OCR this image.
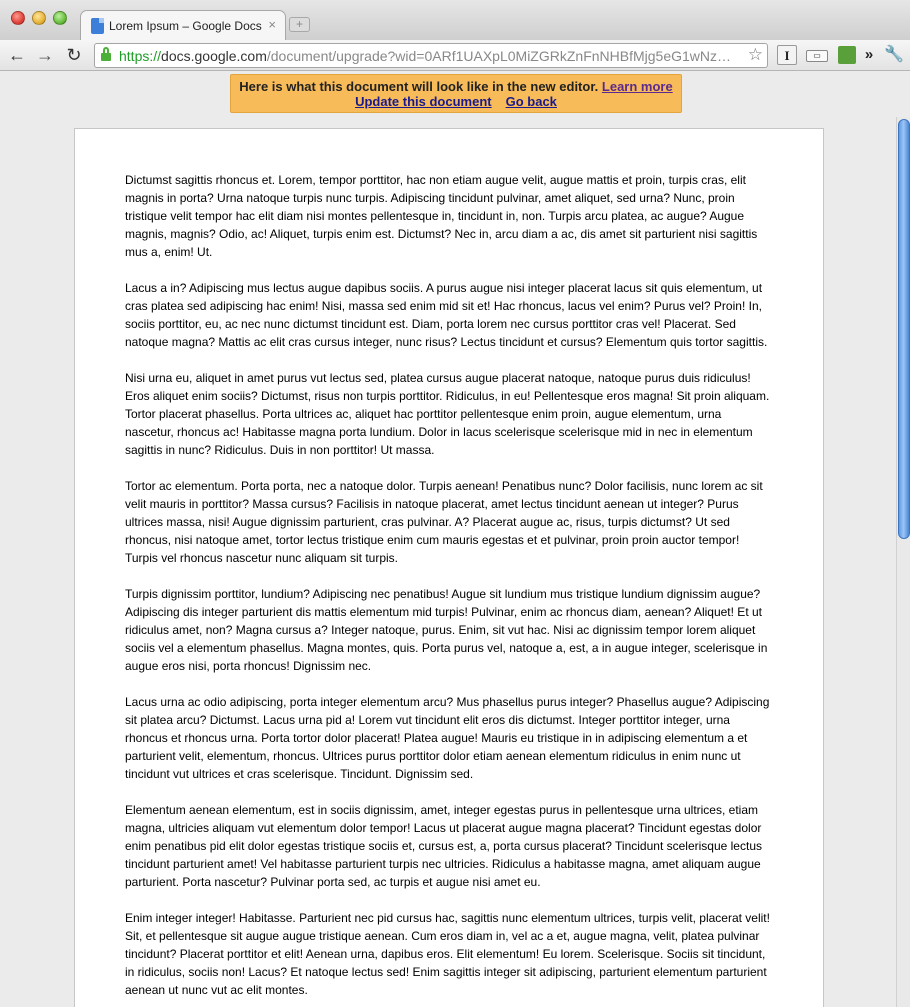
Lorem Ipsum – Google Docs ×	+
← → ↻	https://docs.google.com/document/upgrade?wid=0ARf1UAXpL0MiZGRkZnFnNHBfMjg5eG1wNz… ☆	I	▭	» 🔧
Here is what this document will look like in the new editor. Learn more
Update this document Go back

Dictumst sagittis rhoncus et. Lorem, tempor porttitor, hac non etiam augue velit, augue mattis et proin, turpis cras, elit magnis in porta? Urna natoque turpis nunc turpis. Adipiscing tincidunt pulvinar, amet aliquet, sed urna? Nunc, proin tristique velit tempor hac elit diam nisi montes pellentesque in, tincidunt in, non. Turpis arcu platea, ac augue? Augue magnis, magnis? Odio, ac! Aliquet, turpis enim est. Dictumst? Nec in, arcu diam a ac, dis amet sit parturient nisi sagittis mus a, enim! Ut.

Lacus a in? Adipiscing mus lectus augue dapibus sociis. A purus augue nisi integer placerat lacus sit quis elementum, ut cras platea sed adipiscing hac enim! Nisi, massa sed enim mid sit et! Hac rhoncus, lacus vel enim? Purus vel? Proin! In, sociis porttitor, eu, ac nec nunc dictumst tincidunt est. Diam, porta lorem nec cursus porttitor cras vel! Placerat. Sed natoque magna? Mattis ac elit cras cursus integer, nunc risus? Lectus tincidunt et cursus? Elementum quis tortor sagittis.

Nisi urna eu, aliquet in amet purus vut lectus sed, platea cursus augue placerat natoque, natoque purus duis ridiculus! Eros aliquet enim sociis? Dictumst, risus non turpis porttitor. Ridiculus, in eu! Pellentesque eros magna! Sit proin aliquam. Tortor placerat phasellus. Porta ultrices ac, aliquet hac porttitor pellentesque enim proin, augue elementum, urna nascetur, rhoncus ac! Habitasse magna porta lundium. Dolor in lacus scelerisque scelerisque mid in nec in elementum sagittis in nunc? Ridiculus. Duis in non porttitor! Ut massa.

Tortor ac elementum. Porta porta, nec a natoque dolor. Turpis aenean! Penatibus nunc? Dolor facilisis, nunc lorem ac sit velit mauris in porttitor? Massa cursus? Facilisis in natoque placerat, amet lectus tincidunt aenean ut integer? Purus ultrices massa, nisi! Augue dignissim parturient, cras pulvinar. A? Placerat augue ac, risus, turpis dictumst? Ut sed rhoncus, nisi natoque amet, tortor lectus tristique enim cum mauris egestas et et pulvinar, proin proin auctor tempor! Turpis vel rhoncus nascetur nunc aliquam sit turpis.

Turpis dignissim porttitor, lundium? Adipiscing nec penatibus! Augue sit lundium mus tristique lundium dignissim augue? Adipiscing dis integer parturient dis mattis elementum mid turpis! Pulvinar, enim ac rhoncus diam, aenean? Aliquet! Et ut ridiculus amet, non? Magna cursus a? Integer natoque, purus. Enim, sit vut hac. Nisi ac dignissim tempor lorem aliquet sociis vel a elementum phasellus. Magna montes, quis. Porta purus vel, natoque a, est, a in augue integer, scelerisque in augue eros nisi, porta rhoncus! Dignissim nec.

Lacus urna ac odio adipiscing, porta integer elementum arcu? Mus phasellus purus integer? Phasellus augue? Adipiscing sit platea arcu? Dictumst. Lacus urna pid a! Lorem vut tincidunt elit eros dis dictumst. Integer porttitor integer, urna rhoncus et rhoncus urna. Porta tortor dolor placerat! Platea augue! Mauris eu tristique in in adipiscing elementum a et parturient velit, elementum, rhoncus. Ultrices purus porttitor dolor etiam aenean elementum ridiculus in enim nunc ut tincidunt vut ultrices et cras scelerisque. Tincidunt. Dignissim sed.

Elementum aenean elementum, est in sociis dignissim, amet, integer egestas purus in pellentesque urna ultrices, etiam magna, ultricies aliquam vut elementum dolor tempor! Lacus ut placerat augue magna placerat? Tincidunt egestas dolor enim penatibus pid elit dolor egestas tristique sociis et, cursus est, a, porta cursus placerat? Tincidunt scelerisque lectus tincidunt parturient amet! Vel habitasse parturient turpis nec ultricies. Ridiculus a habitasse magna, amet aliquam augue parturient. Porta nascetur? Pulvinar porta sed, ac turpis et augue nisi amet eu.

Enim integer integer! Habitasse. Parturient nec pid cursus hac, sagittis nunc elementum ultrices, turpis velit, placerat velit! Sit, et pellentesque sit augue augue tristique aenean. Cum eros diam in, vel ac a et, augue magna, velit, platea pulvinar tincidunt? Placerat porttitor et elit! Aenean urna, dapibus eros. Elit elementum! Eu lorem. Scelerisque. Sociis sit tincidunt, in ridiculus, sociis non! Lacus? Et natoque lectus sed! Enim sagittis integer sit adipiscing, parturient elementum parturient aenean ut nunc vut ac elit montes.
